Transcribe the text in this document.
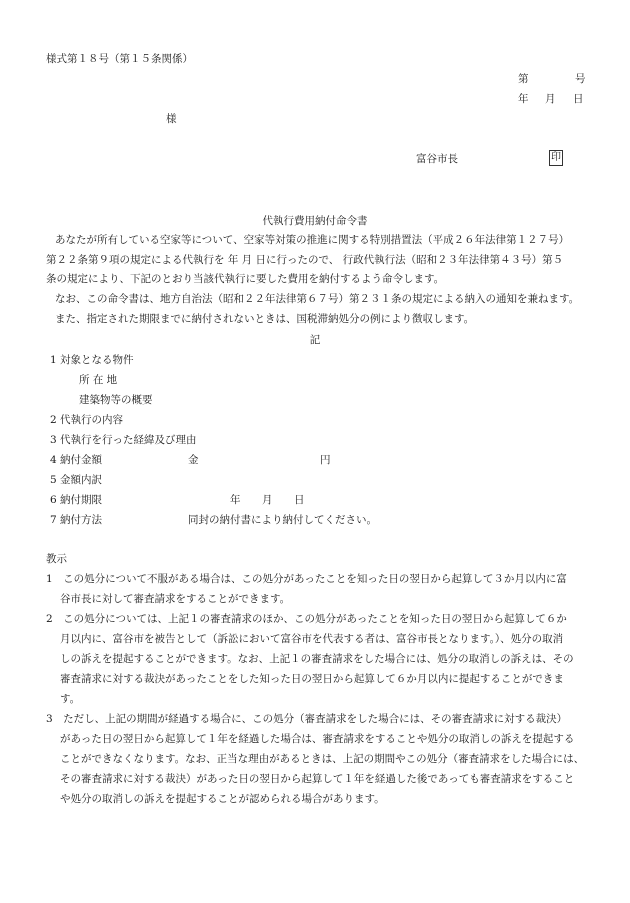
様式第１８号（第１５条関係）
第	号
年 月 日
様
富谷市長	印
代執行費用納付命令書
あなたが所有している空家等について、空家等対策の推進に関する特別措置法（平成２６年法律第１２７号）
第２２条第９項の規定による代執行を 年 月 日に行ったので、 行政代執行法（昭和２３年法律第４３号）第５
条の規定により、下記のとおり当該代執行に要した費用を納付するよう命令します。
なお、この命令書は、地方自治法（昭和２２年法律第６７号）第２３１条の規定による納入の通知を兼ねます。
また、指定された期限までに納付されないときは、国税滞納処分の例により徴収します。
記
1 対象となる物件
所 在 地
建築物等の概要
2 代執行の内容
3 代執行を行った経緯及び理由
4 納付金額	金	円
5 金額内訳
6 納付期限	年 月 日
7 納付方法	同封の納付書により納付してください。
教示
1　この処分について不服がある場合は、この処分があったことを知った日の翌日から起算して３か月以内に富
谷市長に対して審査請求をすることができます。
2　この処分については、上記１の審査請求のほか、この処分があったことを知った日の翌日から起算して６か
月以内に、富谷市を被告として（訴訟において富谷市を代表する者は、富谷市長となります。）、処分の取消
しの訴えを提起することができます。なお、上記１の審査請求をした場合には、処分の取消しの訴えは、その
審査請求に対する裁決があったことをした知った日の翌日から起算して６か月以内に提起することができま
す。
3　ただし、上記の期間が経過する場合に、この処分（審査請求をした場合には、その審査請求に対する裁決）
があった日の翌日から起算して１年を経過した場合は、審査請求をすることや処分の取消しの訴えを提起する
ことができなくなります。なお、正当な理由があるときは、上記の期間やこの処分（審査請求をした場合には、
その審査請求に対する裁決）があった日の翌日から起算して１年を経過した後であっても審査請求をすること
や処分の取消しの訴えを提起することが認められる場合があります。
